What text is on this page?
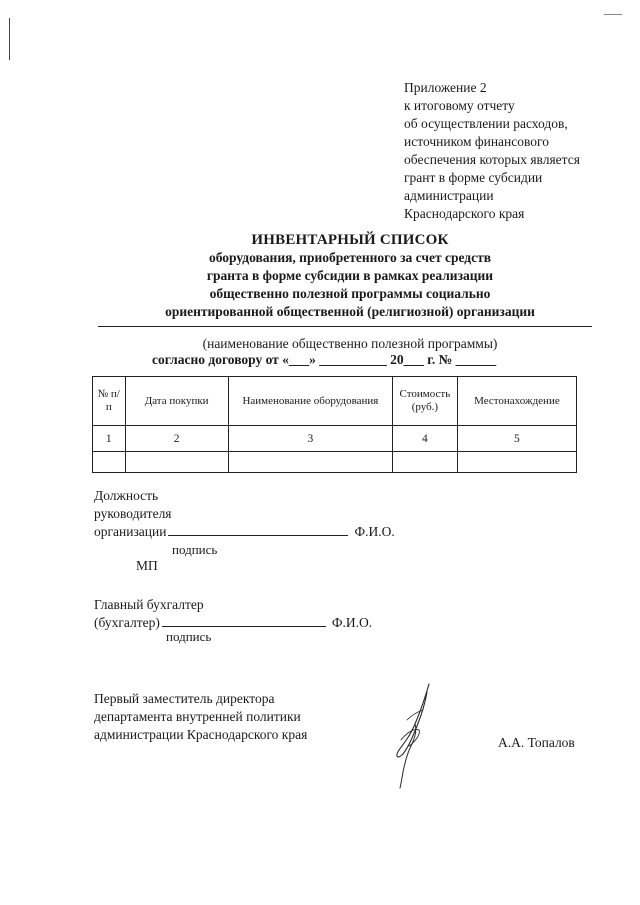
Приложение 2
к итоговому отчету
об осуществлении расходов,
источником финансового
обеспечения которых является
грант в форме субсидии
администрации
Краснодарского края
ИНВЕНТАРНЫЙ СПИСОК
оборудования, приобретенного за счет средств
гранта в форме субсидии в рамках реализации
общественно полезной программы социально
ориентированной общественной (религиозной) организации
(наименование общественно полезной программы)
согласно договору от «___» __________ 20___ г. № ______
№ п/п	Дата покупки	Наименование оборудования	Стоимость (руб.)	Местонахождение
1	2	3	4	5

Должность
руководителя
организации	Ф.И.О.
подпись
МП
Главный бухгалтер
(бухгалтер)	Ф.И.О.
подпись
Первый заместитель директора
департамента внутренней политики
администрации Краснодарского края
А.А. Топалов
